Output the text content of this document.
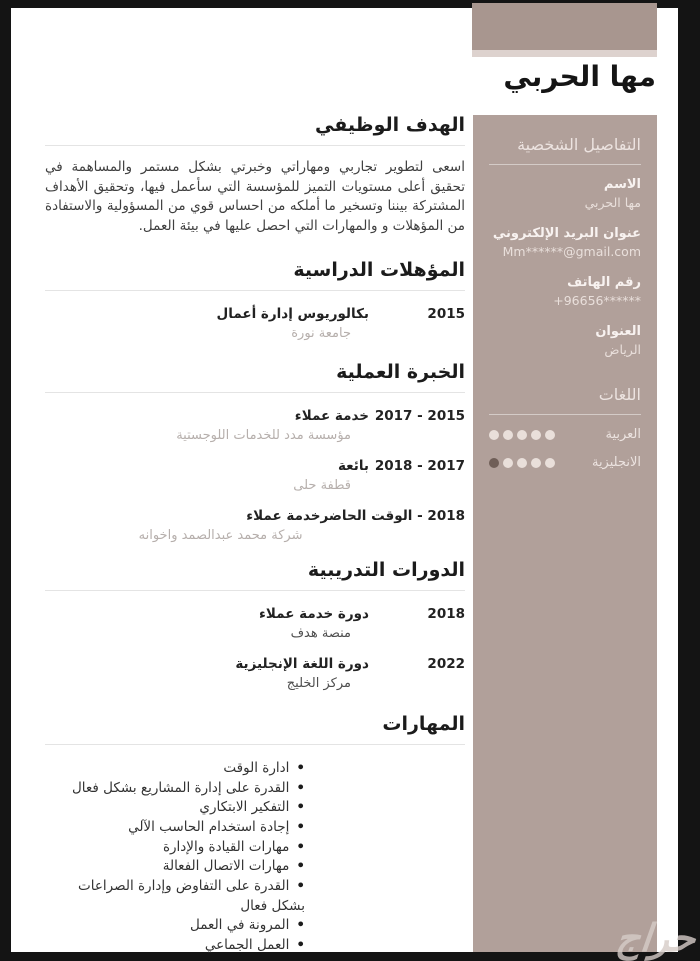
مها الحربي
التفاصيل الشخصية
الاسم
مها الحربي
عنوان البريد الإلكتروني
Mm******@gmail.com
رقم الهاتف
+96656******
العنوان
الرياض
اللغات
العربية
الانجليزية
الهدف الوظيفي

اسعى لتطوير تجاربي ومهاراتي وخبرتي بشكل مستمر والمساهمة في تحقيق أعلى مستويات التميز للمؤسسة التي سأعمل فيها، وتحقيق الأهداف المشتركة بيننا وتسخير ما أملكه من احساس قوي من المسؤولية والاستفادة من المؤهلات و والمهارات التي احصل عليها في بيئة العمل.

المؤهلات الدراسية
2015
بكالوريوس إدارة أعمال
جامعة نورة
الخبرة العملية
2015 - 2017
خدمة عملاء
مؤسسة مدد للخدمات اللوجستية
2017 - 2018
بائعة
قطفة حلى
2018 - الوقت الحاضر
خدمة عملاء
شركة محمد عبدالصمد واخوانه
الدورات التدريبية
2018
دورة خدمة عملاء
منصة هدف
2022
دورة اللغة الإنجليزية
مركز الخليج
المهارات
• ادارة الوقت
• القدرة على إدارة المشاريع بشكل فعال
• التفكير الابتكاري
• إجادة استخدام الحاسب الآلي
• مهارات القيادة والإدارة
• مهارات الاتصال الفعالة
• القدرة على التفاوض وإدارة الصراعات بشكل فعال
• المرونة في العمل
• العمل الجماعي	حراج
